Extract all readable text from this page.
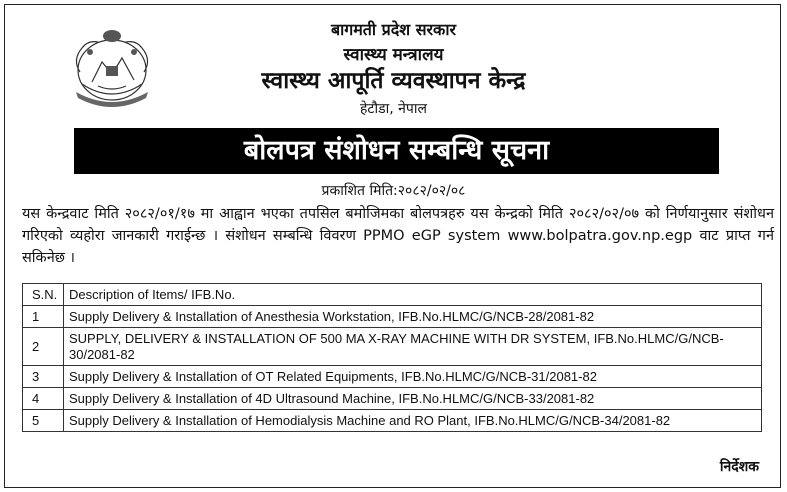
बागमती प्रदेश सरकार
स्वास्थ्य मन्त्रालय
स्वास्थ्य आपूर्ति व्यवस्थापन केन्द्र
हेटौडा, नेपाल
बोलपत्र संशोधन सम्बन्धि सूचना
प्रकाशित मिति:२०८२/०२/०८
यस केन्द्रवाट मिति २०८२/०१/१७ मा आह्वान भएका तपसिल बमोजिमका बोलपत्रहरु यस केन्द्रको मिति २०८२/०२/०७ को निर्णयानुसार संशोधन गरिएको व्यहोरा जानकारी गराईन्छ । संशोधन सम्बन्धि विवरण PPMO eGP system www.bolpatra.gov.np.egp वाट प्राप्त गर्न सकिनेछ ।
S.N.	Description of Items/ IFB.No.
1	Supply Delivery & Installation of Anesthesia Workstation, IFB.No.HLMC/G/NCB-28/2081-82
2	SUPPLY, DELIVERY & INSTALLATION OF 500 MA X-RAY MACHINE WITH DR SYSTEM, IFB.No.HLMC/G/NCB-30/2081-82
3	Supply Delivery & Installation of OT Related Equipments, IFB.No.HLMC/G/NCB-31/2081-82
4	Supply Delivery & Installation of 4D Ultrasound Machine, IFB.No.HLMC/G/NCB-33/2081-82
5	Supply Delivery & Installation of Hemodialysis Machine and RO Plant, IFB.No.HLMC/G/NCB-34/2081-82
निर्देशक
